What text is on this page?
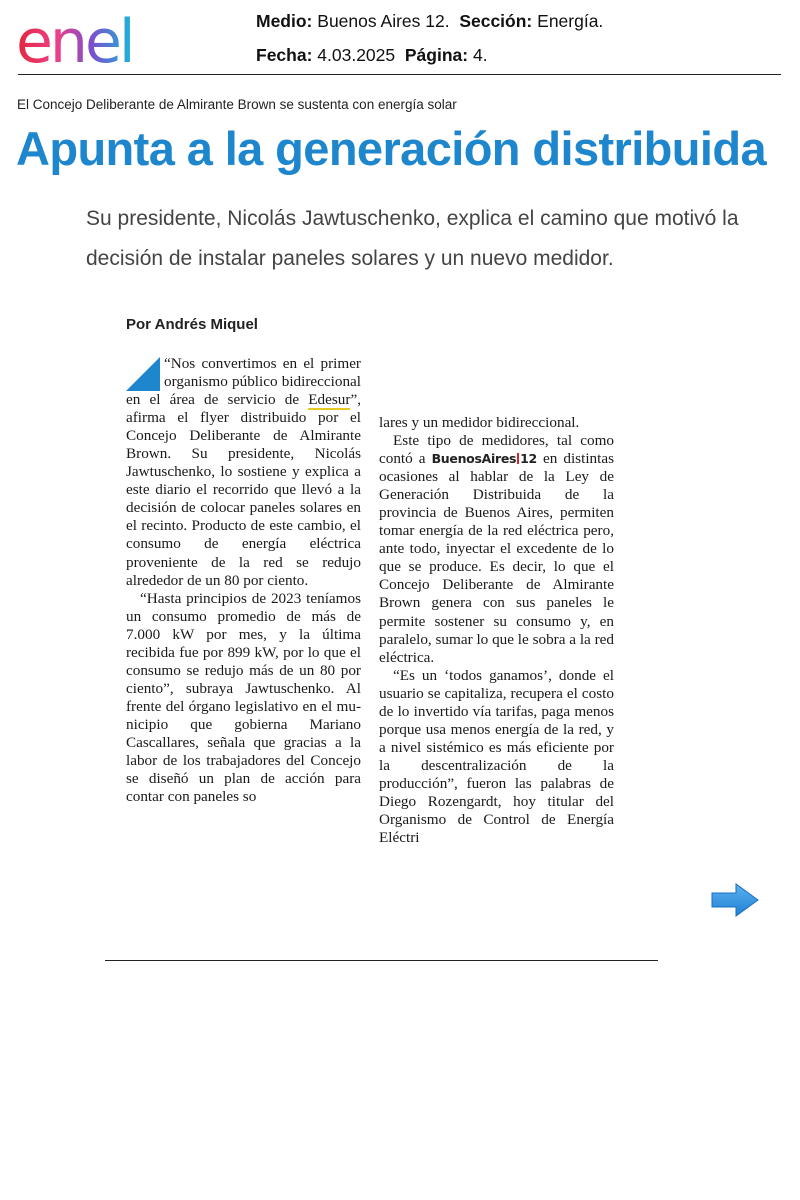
enel	Medio: Buenos Aires 12. Sección: Energía.
Fecha: 4.03.2025 Página: 4.
El Concejo Deliberante de Almirante Brown se sustenta con energía solar
Apunta a la generación distribuida
Su presidente, Nicolás Jawtuschenko, explica el camino que motivó la decisión de instalar paneles solares y un nuevo medidor.
Por Andrés Miquel

“Nos convertimos en el primer organismo público bidireccional en el área de servicio de Edesur”, afirma el flyer distribuido por el Concejo Deliberante de Almirante Brown. Su presidente, Nicolás Jawtuschenko, lo sostiene y explica a este diario el recorrido que llevó a la decisión de colocar paneles solares en el recinto. Producto de este cambio, el consumo de energía eléctrica proveniente de la red se redujo alrededor de un 80 por ciento.

“Hasta principios de 2023 teníamos un consumo promedio de más de 7.000 kW por mes, y la última recibida fue por 899 kW, por lo que el consumo se redujo más de un 80 por ciento”, subraya Jawtuschenko. Al frente del órgano legislativo en el municipio que gobierna Mariano Cascallares, señala que gracias a la labor de los trabajadores del Concejo se diseñó un plan de acción para contar con paneles so

lares y un medidor bidireccional.

Este tipo de medidores, tal como contó a BuenosAires 12 en distintas ocasiones al hablar de la Ley de Generación Distribuida de la provincia de Buenos Aires, permiten tomar energía de la red eléctrica pero, ante todo, inyectar el excedente de lo que se produce. Es decir, lo que el Concejo Deliberante de Almirante Brown genera con sus paneles le permite sostener su consumo y, en paralelo, sumar lo que le sobra a la red eléctrica.

“Es un ‘todos ganamos’, donde el usuario se capitaliza, recupera el costo de lo invertido vía tarifas, paga menos porque usa menos energía de la red, y a nivel sistémico es más eficiente por la descentralización de la producción”, fueron las palabras de Diego Rozengardt, hoy titular del Organismo de Control de Energía Eléctri
